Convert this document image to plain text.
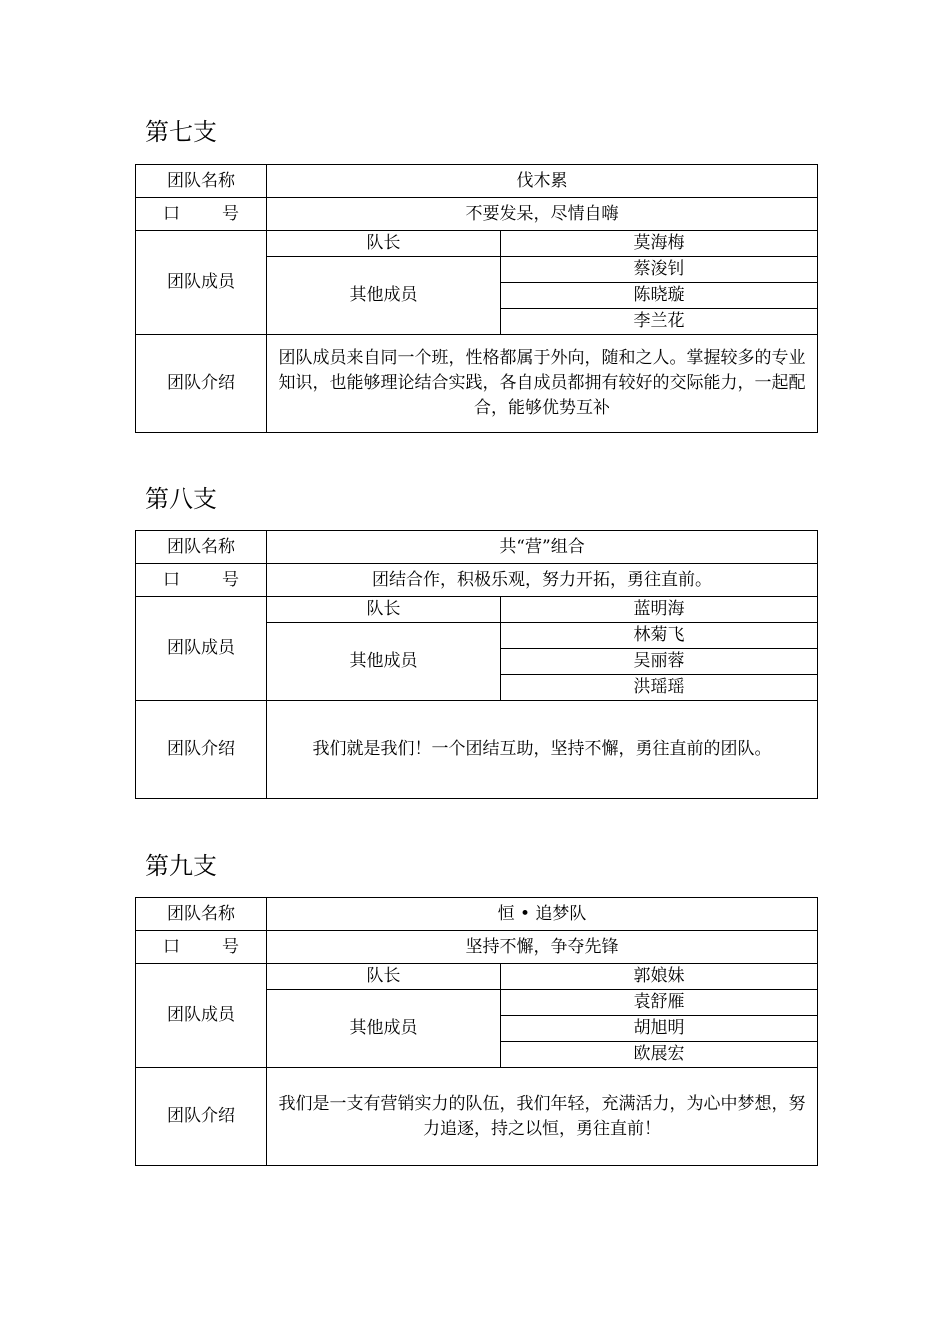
第七支
团队名称	伐木累	
口　　号	不要发呆，尽情自嗨	
团队成员	队长	莫海梅
	其他成员	蔡浚钊
		陈晓璇
		李兰花
团队介绍	团队成员来自同一个班，性格都属于外向，随和之人。掌握较多的专业知识，也能够理论结合实践，各自成员都拥有较好的交际能力，一起配合，能够优势互补	
第八支
团队名称	共“营”组合	
口　　号	团结合作，积极乐观，努力开拓，勇往直前。	
团队成员	队长	蓝明海
	其他成员	林菊飞
		吴丽蓉
		洪瑶瑶
团队介绍	我们就是我们！一个团结互助，坚持不懈，勇往直前的团队。	
第九支
团队名称	恒 • 追梦队	
口　　号	坚持不懈，争夺先锋	
团队成员	队长	郭娘妹
	其他成员	袁舒雁
		胡旭明
		欧展宏
团队介绍	我们是一支有营销实力的队伍，我们年轻，充满活力，为心中梦想，努力追逐，持之以恒，勇往直前！	
